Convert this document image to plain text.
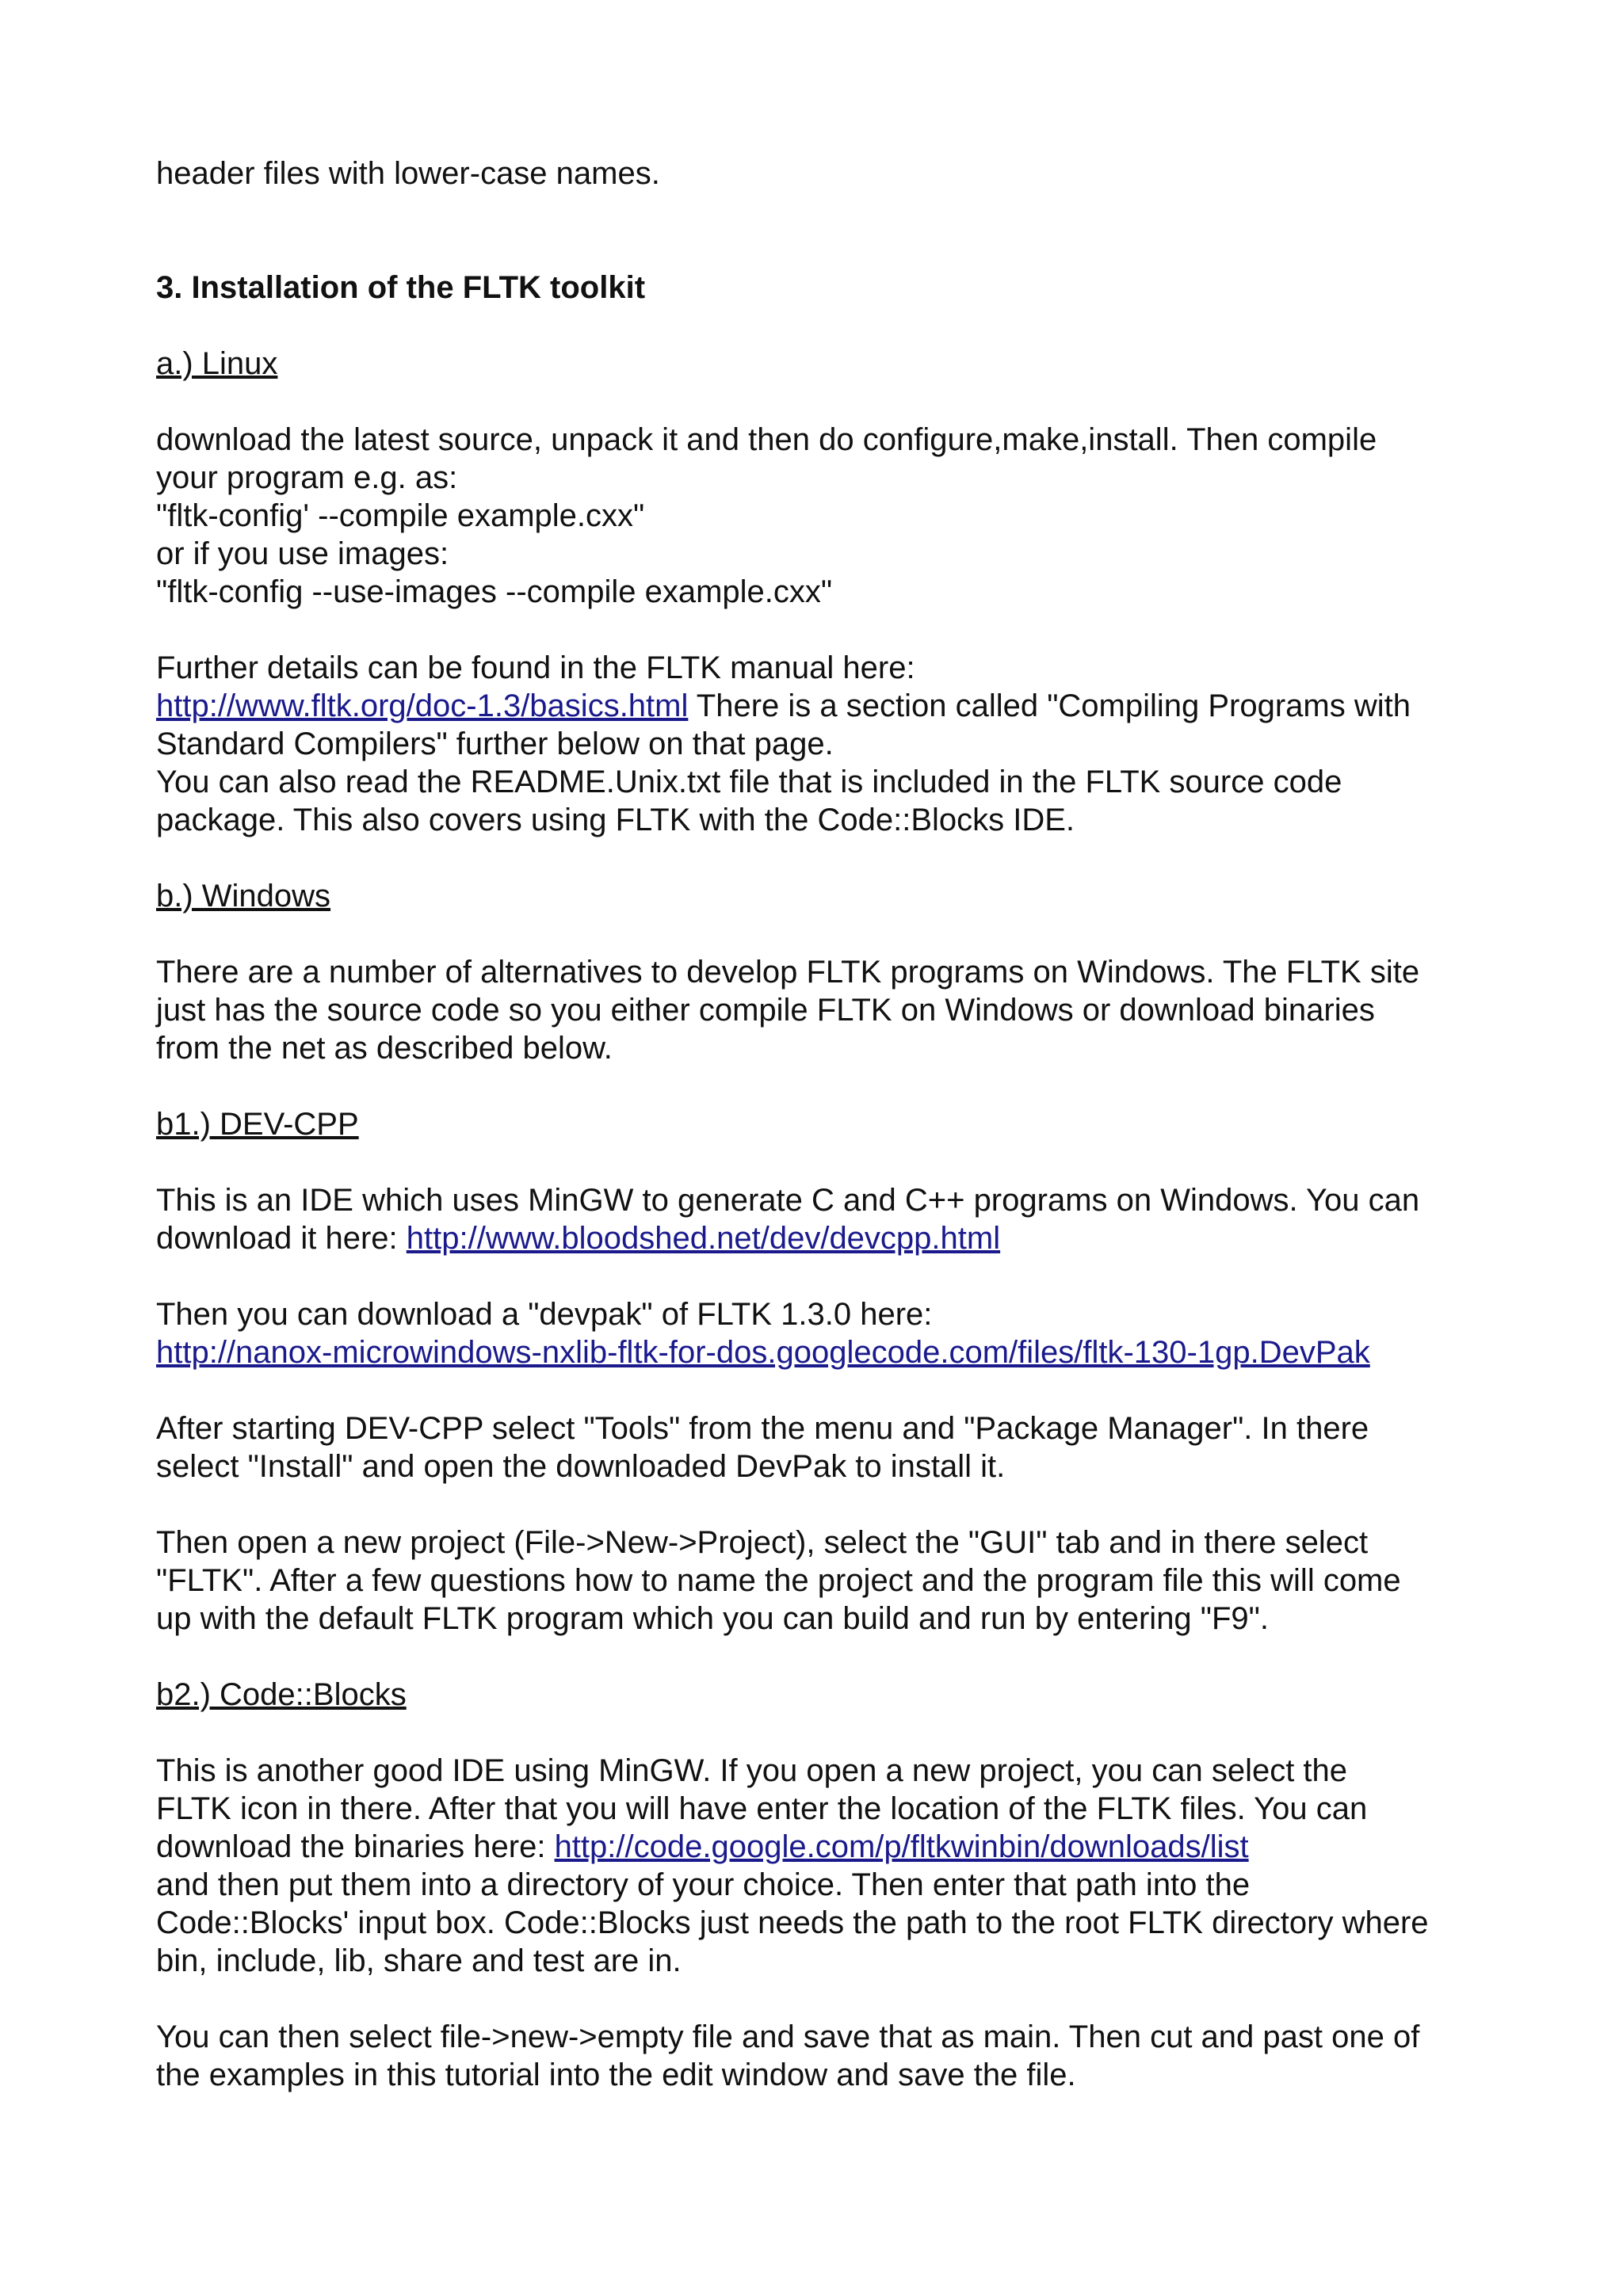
header files with lower-case names.

3. Installation of the FLTK toolkit

a.) Linux

download the latest source, unpack it and then do configure,make,install. Then compile

your program e.g. as:

"fltk-config' --compile example.cxx"

or if you use images:

"fltk-config --use-images --compile example.cxx"

Further details can be found in the FLTK manual here:

http://www.fltk.org/doc-1.3/basics.html There is a section called "Compiling Programs with

Standard Compilers" further below on that page.

You can also read the README.Unix.txt file that is included in the FLTK source code

package. This also covers using FLTK with the Code::Blocks IDE.

b.) Windows

There are a number of alternatives to develop FLTK programs on Windows. The FLTK site

just has the source code so you either compile FLTK on Windows or download binaries

from the net as described below.

b1.) DEV-CPP

This is an IDE which uses MinGW to generate C and C++ programs on Windows. You can

download it here: http://www.bloodshed.net/dev/devcpp.html

Then you can download a "devpak" of FLTK 1.3.0 here:

http://nanox-microwindows-nxlib-fltk-for-dos.googlecode.com/files/fltk-130-1gp.DevPak

After starting DEV-CPP select "Tools" from the menu and "Package Manager". In there

select "Install" and open the downloaded DevPak to install it.

Then open a new project (File->New->Project), select the "GUI" tab and in there select

"FLTK". After a few questions how to name the project and the program file this will come

up with the default FLTK program which you can build and run by entering "F9".

b2.) Code::Blocks

This is another good IDE using MinGW. If you open a new project, you can select the

FLTK icon in there. After that you will have enter the location of the FLTK files. You can

download the binaries here: http://code.google.com/p/fltkwinbin/downloads/list

and then put them into a directory of your choice. Then enter that path into the

Code::Blocks' input box. Code::Blocks just needs the path to the root FLTK directory where

bin, include, lib, share and test are in.

You can then select file->new->empty file and save that as main. Then cut and past one of

the examples in this tutorial into the edit window and save the file.
